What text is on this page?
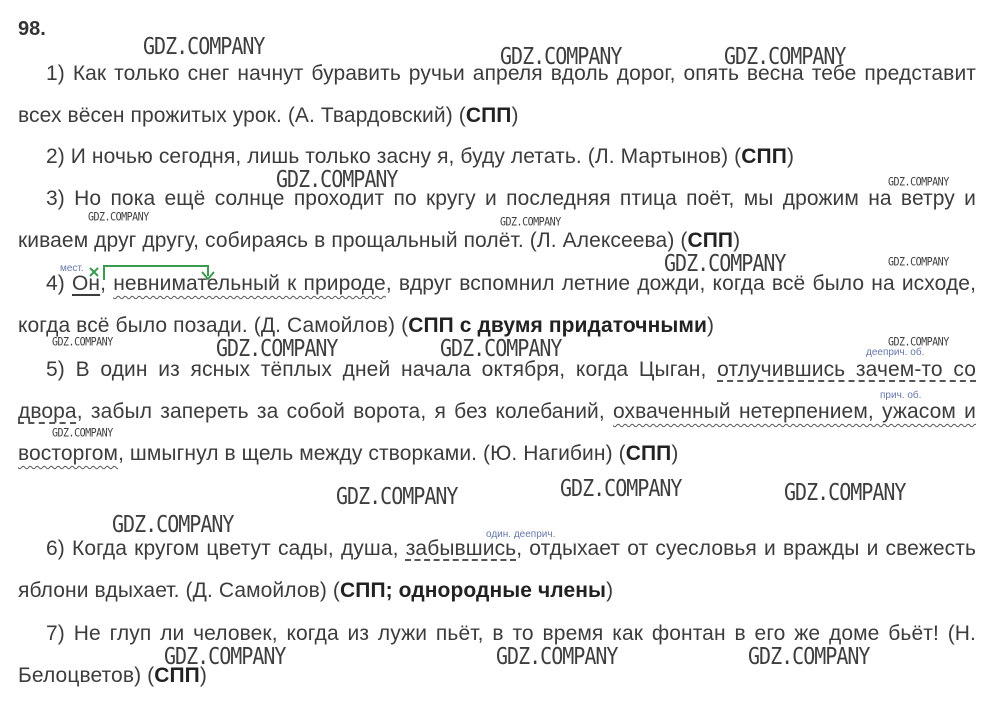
98.
1) Как только снег начнут буравить ручьи апреля вдоль дорог, опять весна тебе представит всех вёсен прожитых урок. (А. Твардовский) (СПП)
2) И ночью сегодня, лишь только засну я, буду летать. (Л. Мартынов) (СПП)
3) Но пока ещё солнце проходит по кругу и последняя птица поёт, мы дрожим на ветру и киваем друг другу, собираясь в прощальный полёт. (Л. Алексеева) (СПП)
4) Он, невнимательный к природе, вдруг вспомнил летние дожди, когда всё было на исходе, когда всё было позади. (Д. Самойлов) (СПП с двумя придаточными)
5) В один из ясных тёплых дней начала октября, когда Цыган, отлучившись зачем-то со двора, забыл запереть за собой ворота, я без колебаний, охваченный нетерпением, ужасом и восторгом, шмыгнул в щель между створками. (Ю. Нагибин) (СПП)
6) Когда кругом цветут сады, душа, забывшись, отдыхает от суесловья и вражды и свежесть яблони вдыхает. (Д. Самойлов) (СПП; однородные члены)
7) Не глуп ли человек, когда из лужи пьёт, в то время как фонтан в его же доме бьёт! (Н. Белоцветов) (СПП)
мест.
дееприч. об.
прич. об.
один. дееприч.
GDZ.COMPANY	GDZ.COMPANY	GDZ.COMPANY
GDZ.COMPANY	GDZ.COMPANY
GDZ.COMPANY	GDZ.COMPANY
GDZ.COMPANY	GDZ.COMPANY
GDZ.COMPANY	GDZ.COMPANY	GDZ.COMPANY	GDZ.COMPANY
GDZ.COMPANY
GDZ.COMPANY
GDZ.COMPANY	GDZ.COMPANY
GDZ.COMPANY
GDZ.COMPANY	GDZ.COMPANY	GDZ.COMPANY
